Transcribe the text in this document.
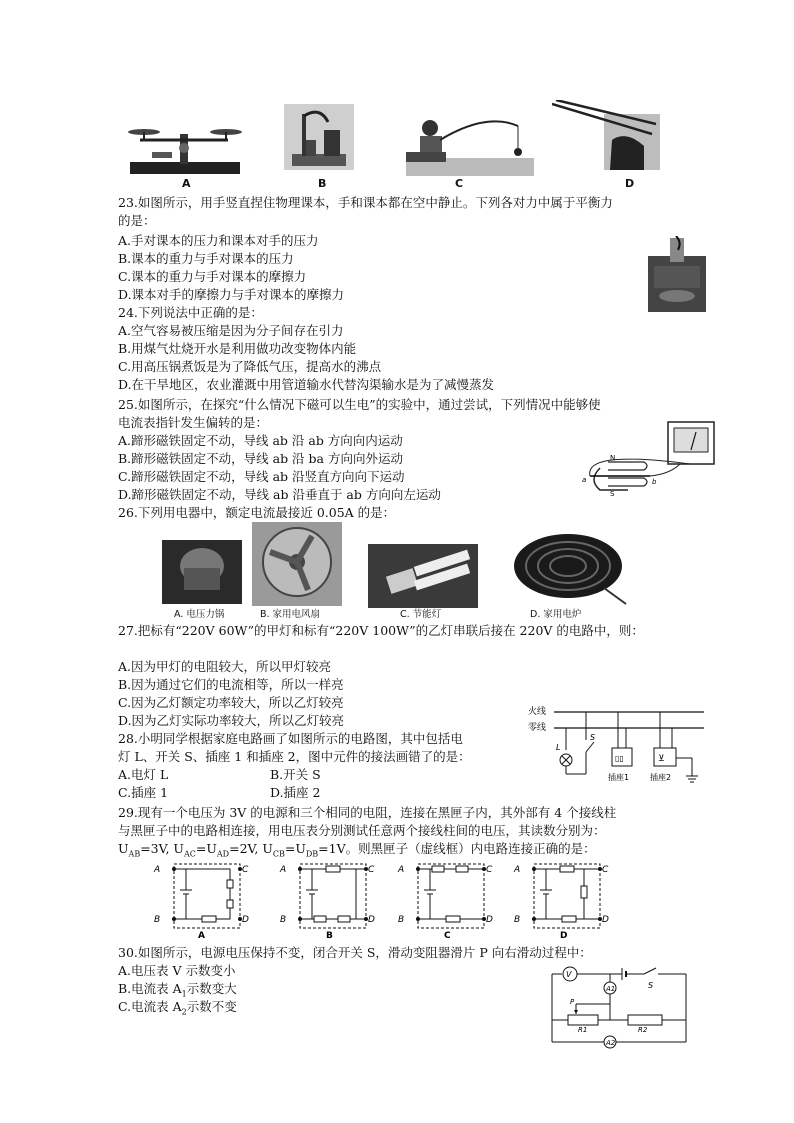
A	B	C	D
23.如图所示，用手竖直捏住物理课本，手和课本都在空中静止。下列各对力中属于平衡力
的是：
A.手对课本的压力和课本对手的压力
B.课本的重力与手对课本的压力
C.课本的重力与手对课本的摩擦力
D.课本对手的摩擦力与手对课本的摩擦力
24.下列说法中正确的是：
A.空气容易被压缩是因为分子间存在引力
B.用煤气灶烧开水是利用做功改变物体内能
C.用高压锅煮饭是为了降低气压，提高水的沸点
D.在干旱地区，农业灌溉中用管道输水代替沟渠输水是为了减慢蒸发
25.如图所示，在探究“什么情况下磁可以生电”的实验中，通过尝试，下列情况中能够使
电流表指针发生偏转的是：
A.蹄形磁铁固定不动，导线 ab 沿 ab 方向向内运动
B.蹄形磁铁固定不动，导线 ab 沿 ba 方向向外运动
C.蹄形磁铁固定不动，导线 ab 沿竖直方向向下运动
D.蹄形磁铁固定不动，导线 ab 沿垂直于 ab 方向向左运动
N
S
a	b
26.下列用电器中，额定电流最接近 0.05A 的是：
A. 电压力锅	B. 家用电风扇	C. 节能灯	D. 家用电炉
27.把标有“220V 60W”的甲灯和标有“220V 100W”的乙灯串联后接在 220V 的电路中，则：
A.因为甲灯的电阻较大，所以甲灯较亮
B.因为通过它们的电流相等，所以一样亮
C.因为乙灯额定功率较大，所以乙灯较亮
D.因为乙灯实际功率较大，所以乙灯较亮
28.小明同学根据家庭电路画了如图所示的电路图，其中包括电
灯 L、开关 S、插座 1 和插座 2，图中元件的接法画错了的是：
A.电灯 L	B.开关 S
C.插座 1	D.插座 2
火线
零线
L
S
▯▯
插座1
⊻
插座2
29.现有一个电压为 3V 的电源和三个相同的电阻，连接在黑匣子内，其外部有 4 个接线柱
与黑匣子中的电路相连接，用电压表分别测试任意两个接线柱间的电压，其读数分别为：
$U_{AB}=3V$, $U_{AC}=U_{AD}=2V$, $U_{CB}=U_{DB}=1V$。则黑匣子（虚线框）内电路连接正确的是：
A
B
C
D
A
A
B
C
D
B
A
B
C
D
C
A
B
C
D
D
30.如图所示，电源电压保持不变，闭合开关 S，滑动变阻器滑片 P 向右滑动过程中：
A.电压表 V 示数变小
B.电流表 $A_1$示数变大
C.电流表 $A_2$示数不变
V
S
R1	R2
P
A1
A2
